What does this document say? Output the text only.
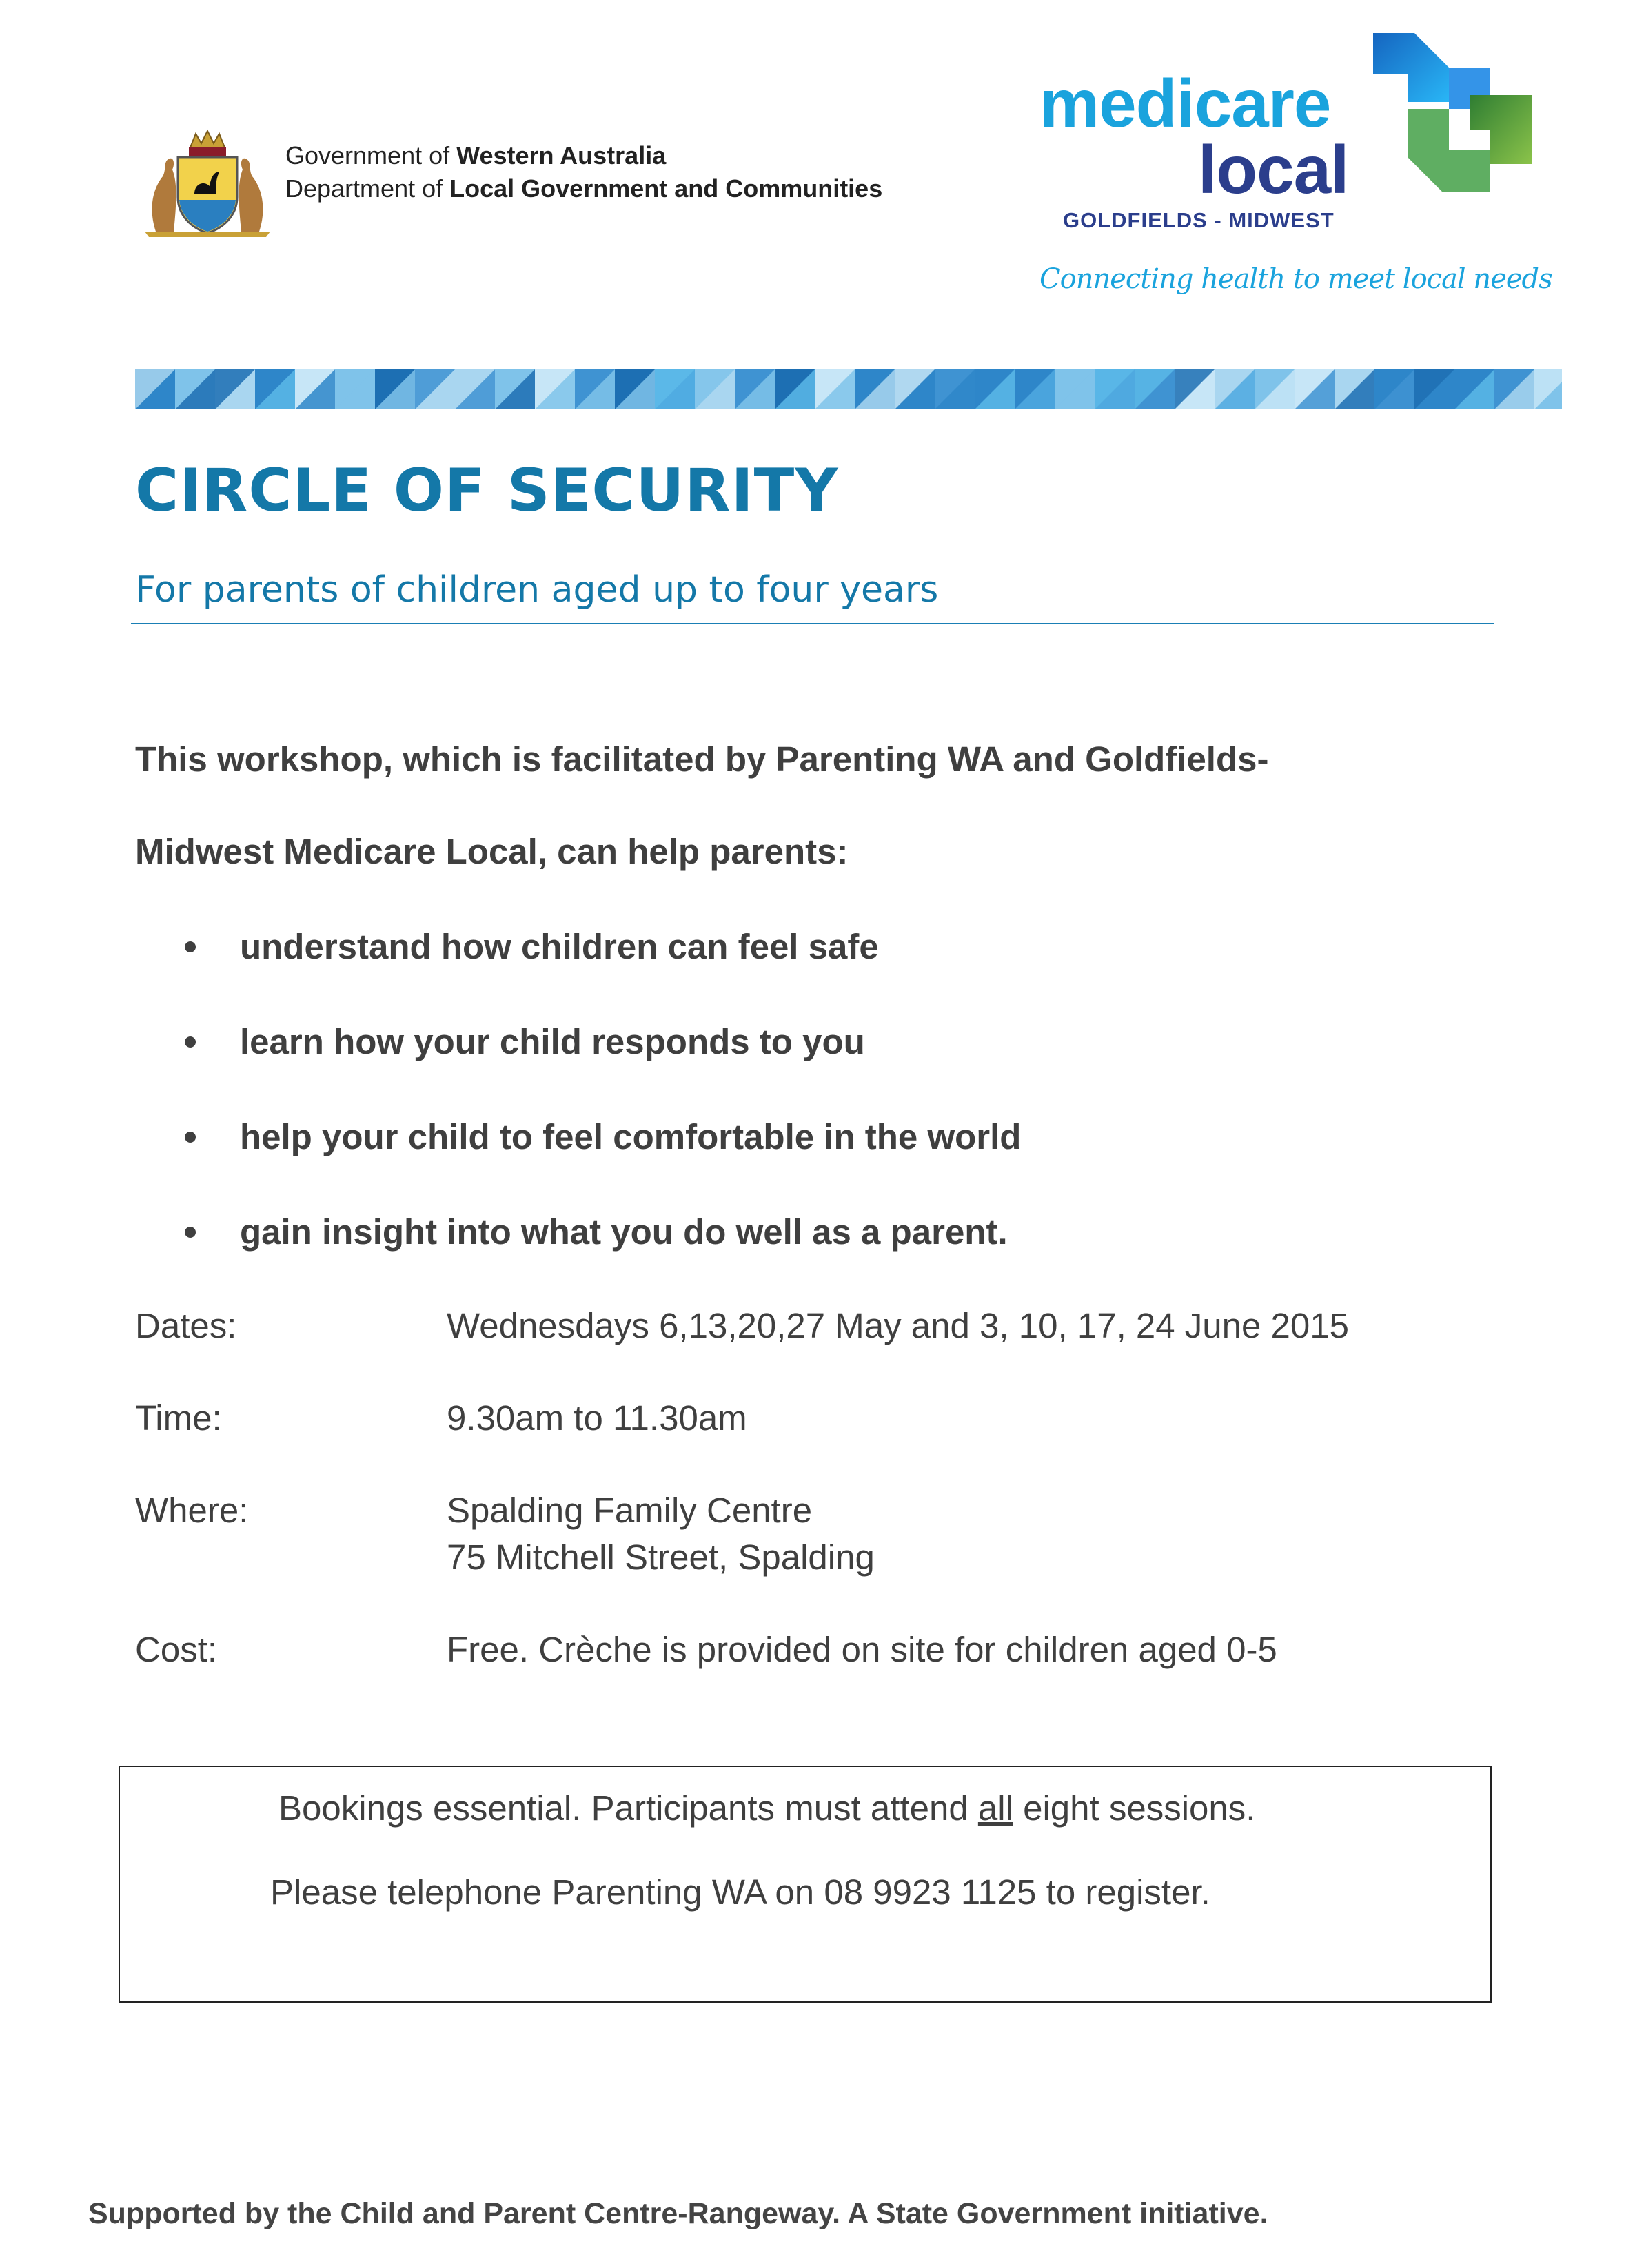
Government of Western Australia
Department of Local Government and Communities
medicare
local
GOLDFIELDS - MIDWEST
Connecting health to meet local needs
CIRCLE OF SECURITY
For parents of children aged up to four years
This workshop, which is facilitated by Parenting WA and Goldfields-
Midwest Medicare Local, can help parents:
understand how children can feel safe
learn how your child responds to you
help your child to feel comfortable in the world
gain insight into what you do well as a parent.
Dates:	Wednesdays 6,13,20,27 May and 3, 10, 17, 24 June 2015
Time:	9.30am to 11.30am
Where:	Spalding Family Centre
75 Mitchell Street, Spalding
Cost:	Free. Crèche is provided on site for children aged 0-5
Bookings essential. Participants must attend all eight sessions.
Please telephone Parenting WA on 08 9923 1125 to register.
Supported by the Child and Parent Centre-Rangeway. A State Government initiative.
